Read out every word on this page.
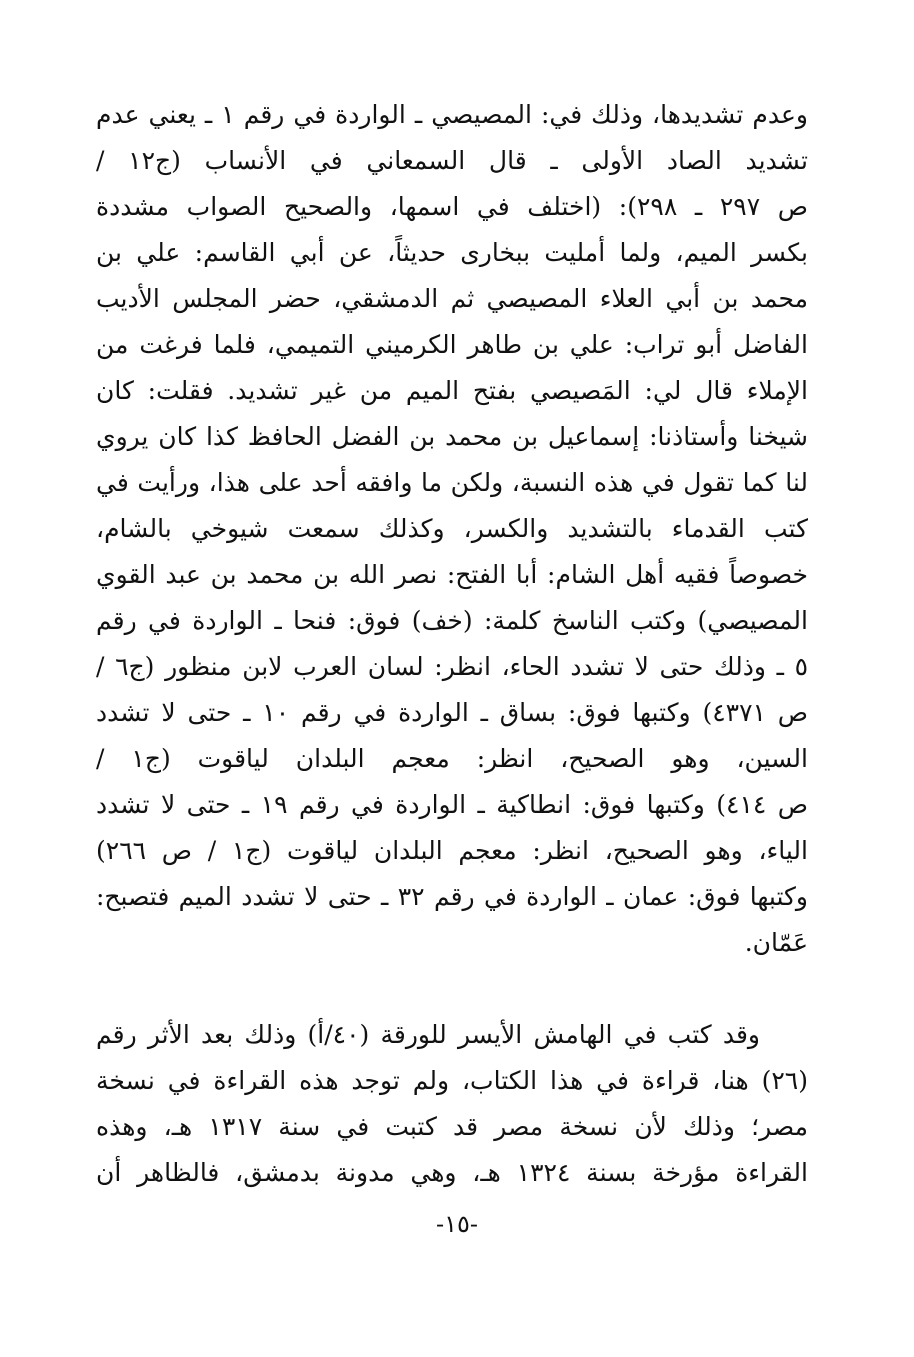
وعدم تشديدها، وذلك في: المصيصي ـ الواردة في رقم ١ ـ يعني عدم
تشديد الصاد الأولى ـ قال السمعاني في الأنساب (ج١٢ /
ص ٢٩٧ ـ ٢٩٨): (اختلف في اسمها، والصحيح الصواب مشددة
بكسر الميم، ولما أمليت ببخارى حديثاً، عن أبي القاسم: علي بن
محمد بن أبي العلاء المصيصي ثم الدمشقي، حضر المجلس الأديب
الفاضل أبو تراب: علي بن طاهر الكرميني التميمي، فلما فرغت من
الإملاء قال لي: المَصيصي بفتح الميم من غير تشديد. فقلت: كان
شيخنا وأستاذنا: إسماعيل بن محمد بن الفضل الحافظ كذا كان يروي
لنا كما تقول في هذه النسبة، ولكن ما وافقه أحد على هذا، ورأيت في
كتب القدماء بالتشديد والكسر، وكذلك سمعت شيوخي بالشام،
خصوصاً فقيه أهل الشام: أبا الفتح: نصر الله بن محمد بن عبد القوي
المصيصي) وكتب الناسخ كلمة: (خف) فوق: فنحا ـ الواردة في رقم
٥ ـ وذلك حتى لا تشدد الحاء، انظر: لسان العرب لابن منظور (ج٦ /
ص ٤٣٧١) وكتبها فوق: بساق ـ الواردة في رقم ١٠ ـ حتى لا تشدد
السين، وهو الصحيح، انظر: معجم البلدان لياقوت (ج١ /
ص ٤١٤) وكتبها فوق: انطاكية ـ الواردة في رقم ١٩ ـ حتى لا تشدد
الياء، وهو الصحيح، انظر: معجم البلدان لياقوت (ج١ / ص ٢٦٦)
وكتبها فوق: عمان ـ الواردة في رقم ٣٢ ـ حتى لا تشدد الميم فتصبح:
عَمّان.
وقد كتب في الهامش الأيسر للورقة (٤٠/أ) وذلك بعد الأثر رقم
(٢٦) هنا، قراءة في هذا الكتاب، ولم توجد هذه القراءة في نسخة
مصر؛ وذلك لأن نسخة مصر قد كتبت في سنة ١٣١٧ هـ، وهذه
القراءة مؤرخة بسنة ١٣٢٤ هـ، وهي مدونة بدمشق، فالظاهر أن
-١٥-
